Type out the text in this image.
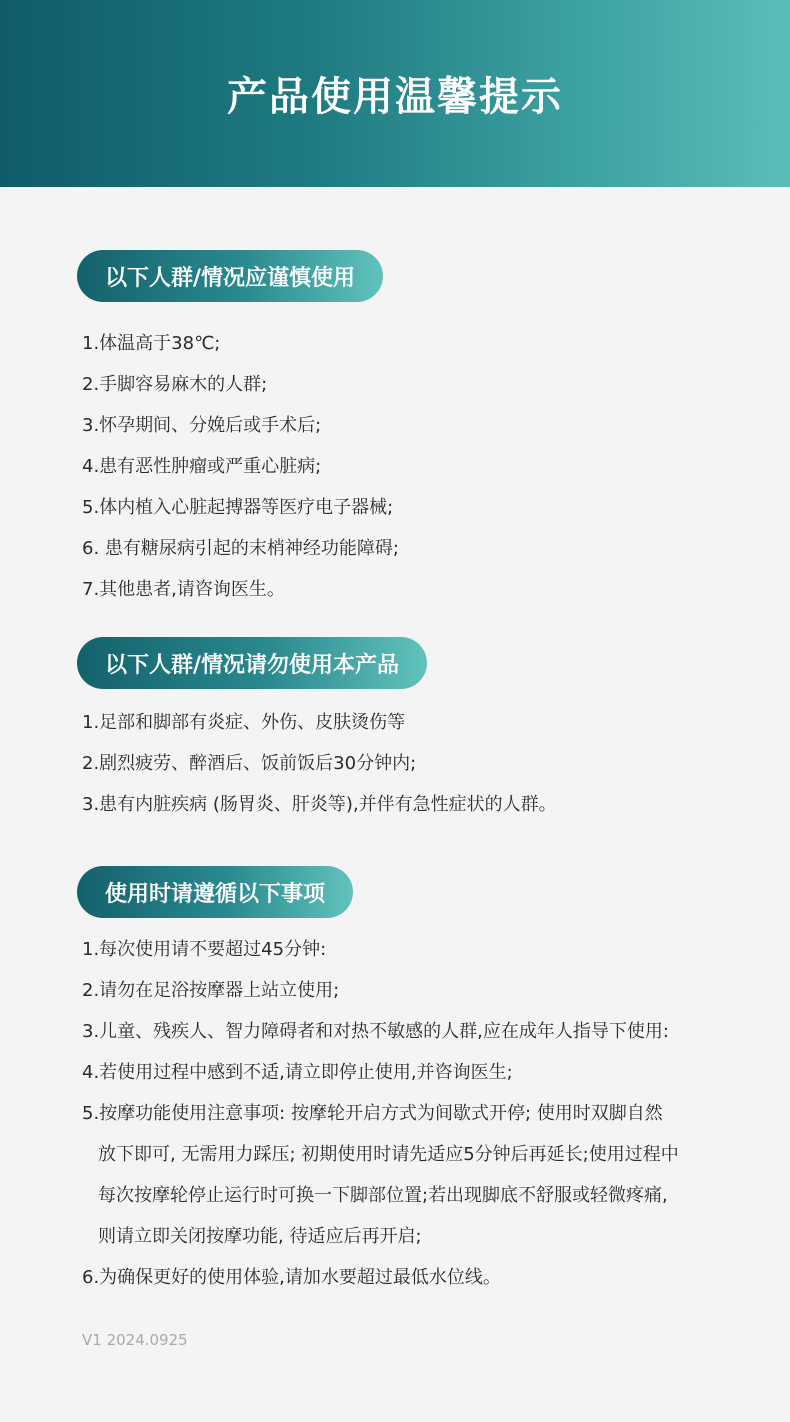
产品使用温馨提示
以下人群/情况应谨慎使用
1.体温高于38℃;
2.手脚容易麻木的人群;
3.怀孕期间、分娩后或手术后;
4.患有恶性肿瘤或严重心脏病;
5.体内植入心脏起搏器等医疗电子器械;
6. 患有糖尿病引起的末梢神经功能障碍;
7.其他患者,请咨询医生。
以下人群/情况请勿使用本产品
1.足部和脚部有炎症、外伤、皮肤烫伤等
2.剧烈疲劳、醉酒后、饭前饭后30分钟内;
3.患有内脏疾病 (肠胃炎、肝炎等),并伴有急性症状的人群。
使用时请遵循以下事项
1.每次使用请不要超过45分钟:
2.请勿在足浴按摩器上站立使用;
3.儿童、残疾人、智力障碍者和对热不敏感的人群,应在成年人指导下使用:
4.若使用过程中感到不适,请立即停止使用,并咨询医生;
5.按摩功能使用注意事项: 按摩轮开启方式为间歇式开停; 使用时双脚自然
放下即可, 无需用力踩压; 初期使用时请先适应5分钟后再延长;使用过程中
每次按摩轮停止运行时可换一下脚部位置;若出现脚底不舒服或轻微疼痛,
则请立即关闭按摩功能, 待适应后再开启;
6.为确保更好的使用体验,请加水要超过最低水位线。
V1 2024.0925
